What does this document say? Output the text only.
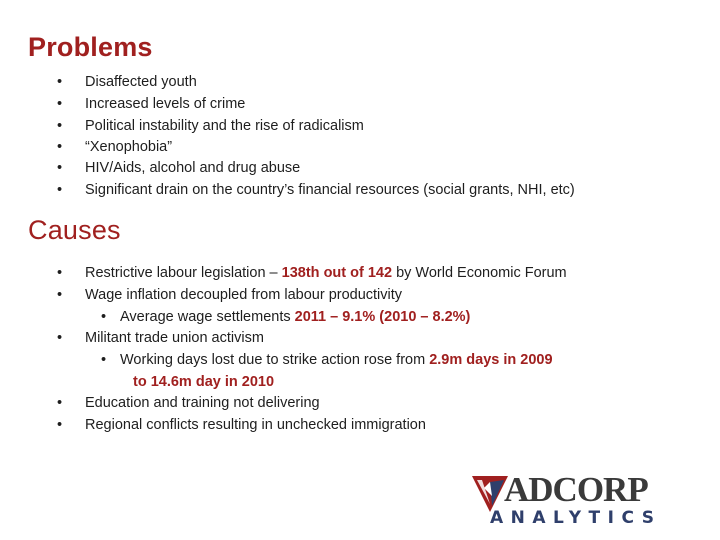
Problems
•	Disaffected youth
•	Increased levels of crime
•	Political instability and the rise of radicalism
•	“Xenophobia”
•	HIV/Aids, alcohol and drug abuse
•	Significant drain on the country’s financial resources (social grants, NHI, etc)
Causes
•	Restrictive labour legislation – 138th out of 142 by World Economic Forum
•	Wage inflation decoupled from labour productivity
• Average wage settlements 2011 – 9.1% (2010 – 8.2%)
•	Militant trade union activism
• Working days lost due to strike action rose from 2.9m days in 2009
to 14.6m day in 2010
•	Education and training not delivering
•	Regional conflicts resulting in unchecked immigration
ADCORP
ANALYTICS
